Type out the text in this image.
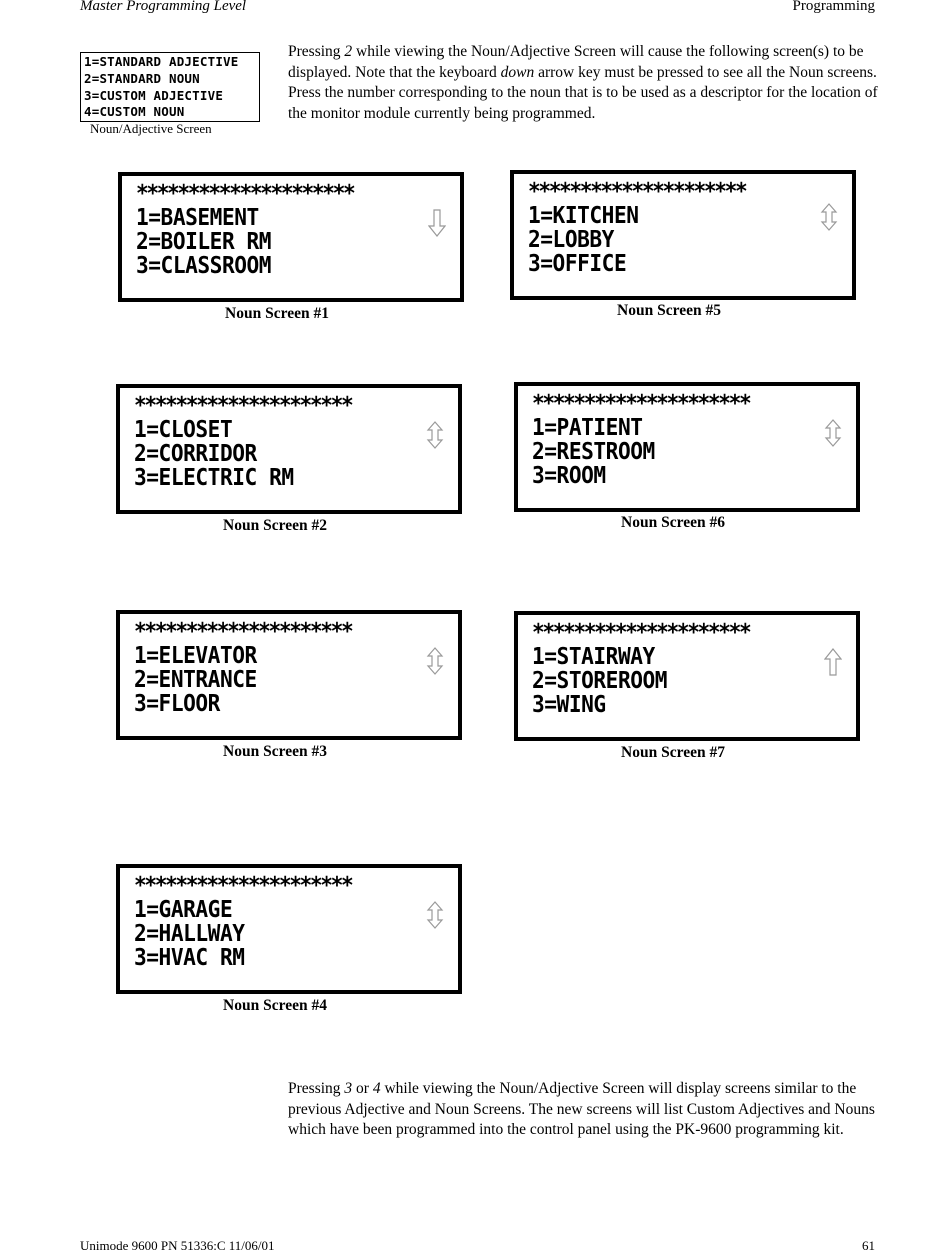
Master Programming Level	Programming
1=STANDARD ADJECTIVE
2=STANDARD NOUN
3=CUSTOM ADJECTIVE
4=CUSTOM NOUN
Noun/Adjective Screen

Pressing 2 while viewing the Noun/Adjective Screen will cause the following screen(s) to be displayed. Note that the keyboard down arrow key must be pressed to see all the Noun screens. Press the number corresponding to the noun that is to be used as a descriptor for the location of the monitor module currently being programmed.

*********************
1=BASEMENT
2=BOILER RM
3=CLASSROOM
Noun Screen #1
*********************
1=CLOSET
2=CORRIDOR
3=ELECTRIC RM
Noun Screen #2
*********************
1=ELEVATOR
2=ENTRANCE
3=FLOOR
Noun Screen #3
*********************
1=GARAGE
2=HALLWAY
3=HVAC RM
Noun Screen #4
*********************
1=KITCHEN
2=LOBBY
3=OFFICE
Noun Screen #5
*********************
1=PATIENT
2=RESTROOM
3=ROOM
Noun Screen #6
*********************
1=STAIRWAY
2=STOREROOM
3=WING
Noun Screen #7

Pressing 3 or 4 while viewing the Noun/Adjective Screen will display screens similar to the previous Adjective and Noun Screens. The new screens will list Custom Adjectives and Nouns which have been programmed into the control panel using the PK-9600 programming kit.

Unimode 9600 PN 51336:C 11/06/01	61
